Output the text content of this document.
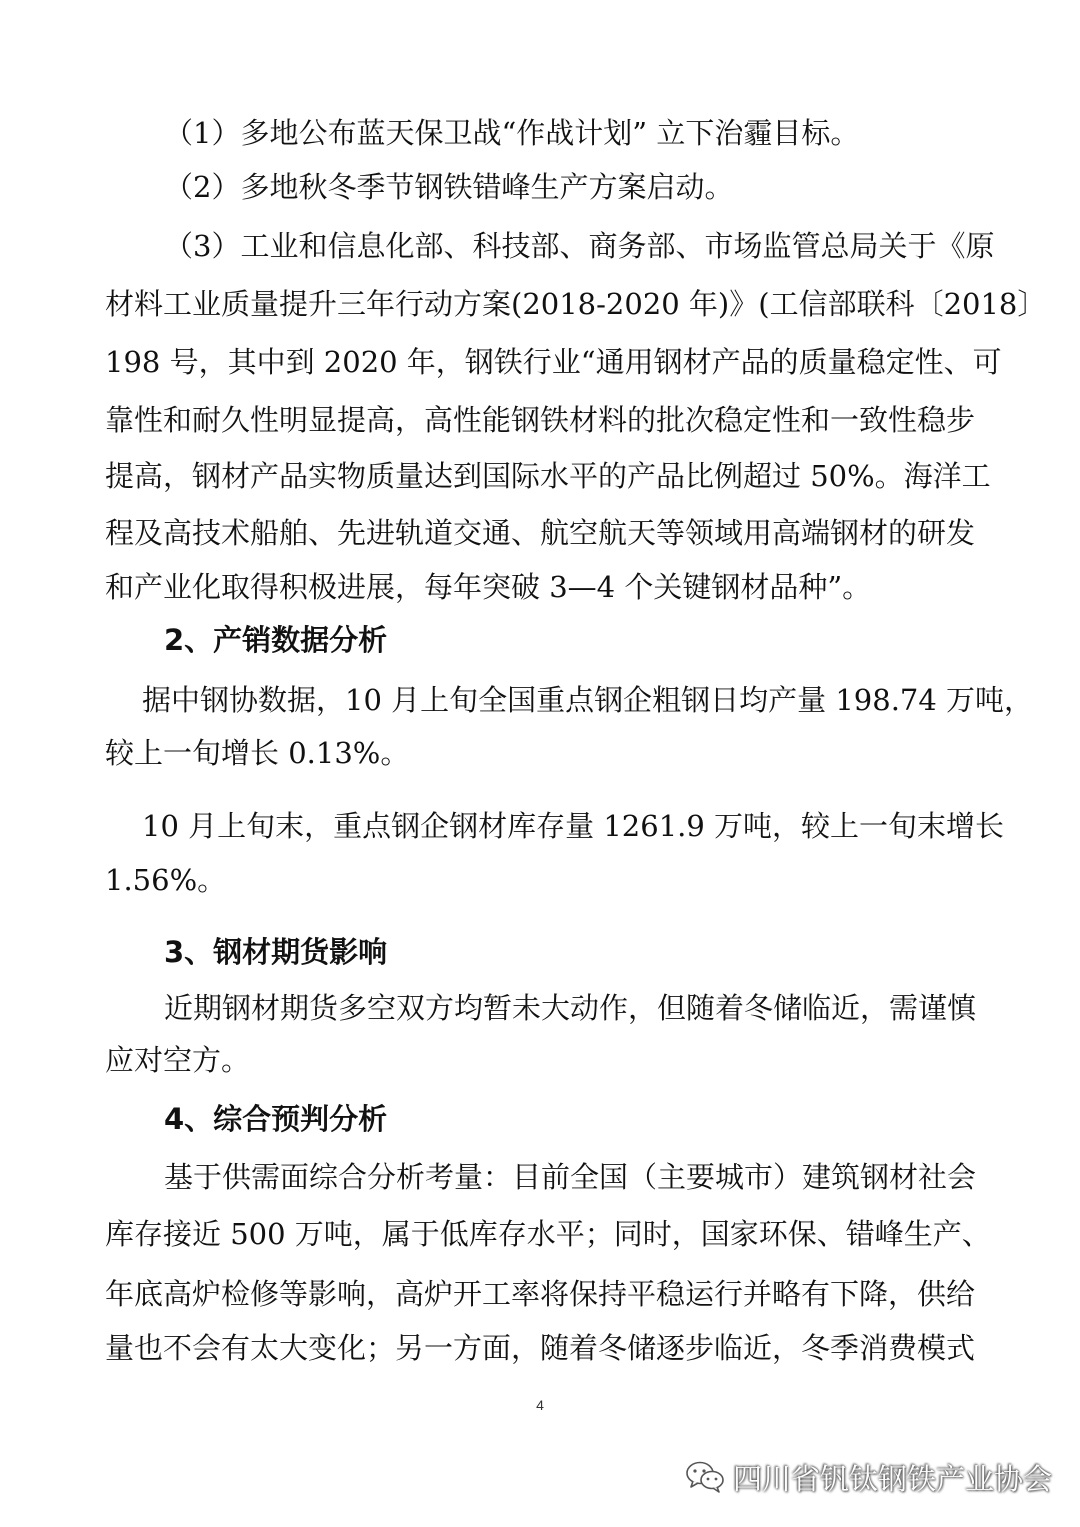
（1）多地公布蓝天保卫战“作战计划” 立下治霾目标。
（2）多地秋冬季节钢铁错峰生产方案启动。
（3）工业和信息化部、科技部、商务部、市场监管总局关于《原
材料工业质量提升三年行动方案(2018-2020 年)》(工信部联科〔2018〕
198 号，其中到 2020 年，钢铁行业“通用钢材产品的质量稳定性、可
靠性和耐久性明显提高，高性能钢铁材料的批次稳定性和一致性稳步
提高，钢材产品实物质量达到国际水平的产品比例超过 50%。海洋工
程及高技术船舶、先进轨道交通、航空航天等领域用高端钢材的研发
和产业化取得积极进展，每年突破 3—4 个关键钢材品种”。
2、产销数据分析
据中钢协数据，10 月上旬全国重点钢企粗钢日均产量 198.74 万吨，
较上一旬增长 0.13%。
10 月上旬末，重点钢企钢材库存量 1261.9 万吨，较上一旬末增长
1.56%。
3、钢材期货影响
近期钢材期货多空双方均暂未大动作，但随着冬储临近，需谨慎
应对空方。
4、综合预判分析
基于供需面综合分析考量：目前全国（主要城市）建筑钢材社会
库存接近 500 万吨，属于低库存水平；同时，国家环保、错峰生产、
年底高炉检修等影响，高炉开工率将保持平稳运行并略有下降，供给
量也不会有太大变化；另一方面，随着冬储逐步临近，冬季消费模式
4
四川省钒钛钢铁产业协会
